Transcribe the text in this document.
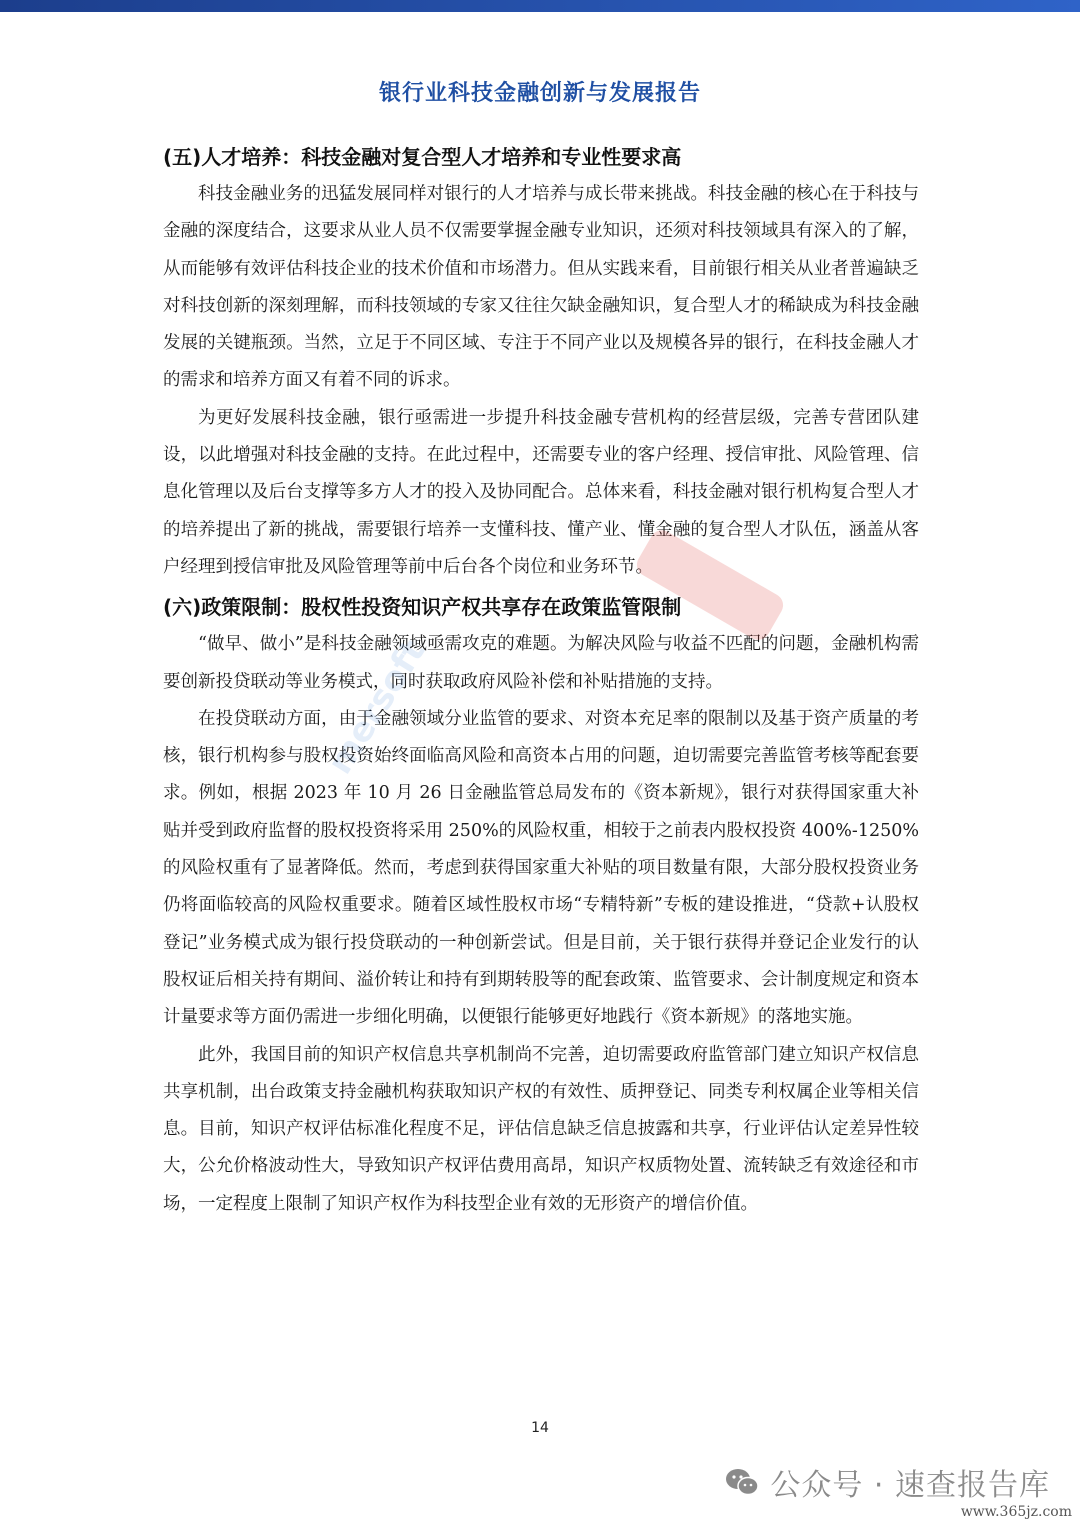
银行业科技金融创新与发展报告
(五)人才培养：科技金融对复合型人才培养和专业性要求高

科技金融业务的迅猛发展同样对银行的人才培养与成长带来挑战。科技金融的核心在于科技与金融的深度结合，这要求从业人员不仅需要掌握金融专业知识，还须对科技领域具有深入的了解，从而能够有效评估科技企业的技术价值和市场潜力。但从实践来看，目前银行相关从业者普遍缺乏对科技创新的深刻理解，而科技领域的专家又往往欠缺金融知识，复合型人才的稀缺成为科技金融发展的关键瓶颈。当然，立足于不同区域、专注于不同产业以及规模各异的银行，在科技金融人才的需求和培养方面又有着不同的诉求。

为更好发展科技金融，银行亟需进一步提升科技金融专营机构的经营层级，完善专营团队建设，以此增强对科技金融的支持。在此过程中，还需要专业的客户经理、授信审批、风险管理、信息化管理以及后台支撑等多方人才的投入及协同配合。总体来看，科技金融对银行机构复合型人才的培养提出了新的挑战，需要银行培养一支懂科技、懂产业、懂金融的复合型人才队伍，涵盖从客户经理到授信审批及风险管理等前中后台各个岗位和业务环节。

(六)政策限制：股权性投资知识产权共享存在政策监管限制

“做早、做小”是科技金融领域亟需攻克的难题。为解决风险与收益不匹配的问题，金融机构需要创新投贷联动等业务模式，同时获取政府风险补偿和补贴措施的支持。

在投贷联动方面，由于金融领域分业监管的要求、对资本充足率的限制以及基于资产质量的考核，银行机构参与股权投资始终面临高风险和高资本占用的问题，迫切需要完善监管考核等配套要求。例如，根据 2023 年 10 月 26 日金融监管总局发布的《资本新规》，银行对获得国家重大补贴并受到政府监督的股权投资将采用 250%的风险权重，相较于之前表内股权投资 400%-1250%的风险权重有了显著降低。然而，考虑到获得国家重大补贴的项目数量有限，大部分股权投资业务仍将面临较高的风险权重要求。随着区域性股权市场“专精特新”专板的建设推进，“贷款+认股权登记”业务模式成为银行投贷联动的一种创新尝试。但是目前，关于银行获得并登记企业发行的认股权证后相关持有期间、溢价转让和持有到期转股等的配套政策、监管要求、会计制度规定和资本计量要求等方面仍需进一步细化明确，以便银行能够更好地践行《资本新规》的落地实施。

此外，我国目前的知识产权信息共享机制尚不完善，迫切需要政府监管部门建立知识产权信息共享机制，出台政策支持金融机构获取知识产权的有效性、质押登记、同类专利权属企业等相关信息。目前，知识产权评估标准化程度不足，评估信息缺乏信息披露和共享，行业评估认定差异性较大，公允价格波动性大，导致知识产权评估费用高昂，知识产权质物处置、流转缺乏有效途径和市场，一定程度上限制了知识产权作为科技型企业有效的无形资产的增信价值。

mersoft
14
公众号 · 速查报告库
www.365jz.com
